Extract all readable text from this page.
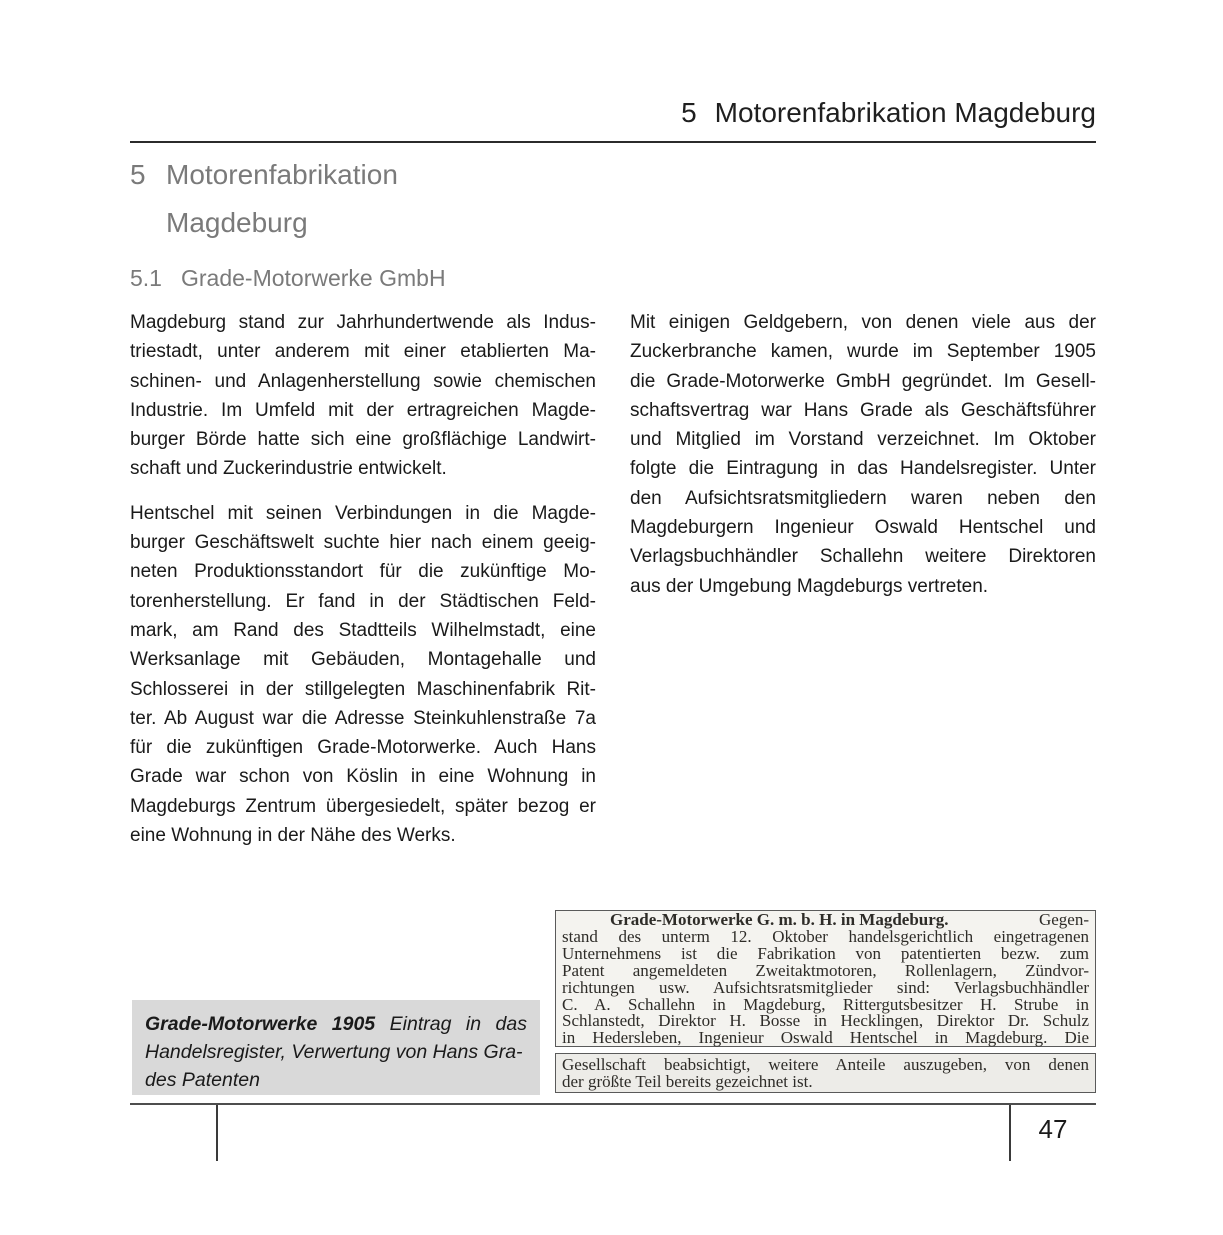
5 Motorenfabrikation Magdeburg
5 Motorenfabrikation
Magdeburg
5.1 Grade-Motorwerke GmbH
Magdeburg stand zur Jahrhundertwende als Indus-
triestadt, unter anderem mit einer etablierten Ma-
schinen- und Anlagenherstellung sowie chemischen
Industrie. Im Umfeld mit der ertragreichen Magde-
burger Börde hatte sich eine großflächige Landwirt-
schaft und Zuckerindustrie entwickelt.
Hentschel mit seinen Verbindungen in die Magde-
burger Geschäftswelt suchte hier nach einem geeig-
neten Produktionsstandort für die zukünftige Mo-
torenherstellung. Er fand in der Städtischen Feld-
mark, am Rand des Stadtteils Wilhelmstadt, eine
Werksanlage mit Gebäuden, Montagehalle und
Schlosserei in der stillgelegten Maschinenfabrik Rit-
ter. Ab August war die Adresse Steinkuhlenstraße 7a
für die zukünftigen Grade-Motorwerke. Auch Hans
Grade war schon von Köslin in eine Wohnung in
Magdeburgs Zentrum übergesiedelt, später bezog er
eine Wohnung in der Nähe des Werks.
Mit einigen Geldgebern, von denen viele aus der
Zuckerbranche kamen, wurde im September 1905
die Grade-Motorwerke GmbH gegründet. Im Gesell-
schaftsvertrag war Hans Grade als Geschäftsführer
und Mitglied im Vorstand verzeichnet. Im Oktober
folgte die Eintragung in das Handelsregister. Unter
den Aufsichtsratsmitgliedern waren neben den
Magdeburgern Ingenieur Oswald Hentschel und
Verlagsbuchhändler Schallehn weitere Direktoren
aus der Umgebung Magdeburgs vertreten.
Grade-Motorwerke G. m. b. H. in Magdeburg.	Gegen-
stand des unterm 12. Oktober handelsgerichtlich eingetragenen
Unternehmens ist die Fabrikation von patentierten bezw. zum
Patent angemeldeten Zweitaktmotoren, Rollenlagern, Zündvor-
richtungen usw. Aufsichtsratsmitglieder sind: Verlagsbuchhändler
C. A. Schallehn in Magdeburg, Rittergutsbesitzer H. Strube in
Schlanstedt, Direktor H. Bosse in Hecklingen, Direktor Dr. Schulz
in Hedersleben, Ingenieur Oswald Hentschel in Magdeburg. Die
Gesellschaft beabsichtigt, weitere Anteile auszugeben, von denen
der größte Teil bereits gezeichnet ist.
Grade-Motorwerke 1905 Eintrag in das
Handelsregister, Verwertung von Hans Gra-
des Patenten
47
